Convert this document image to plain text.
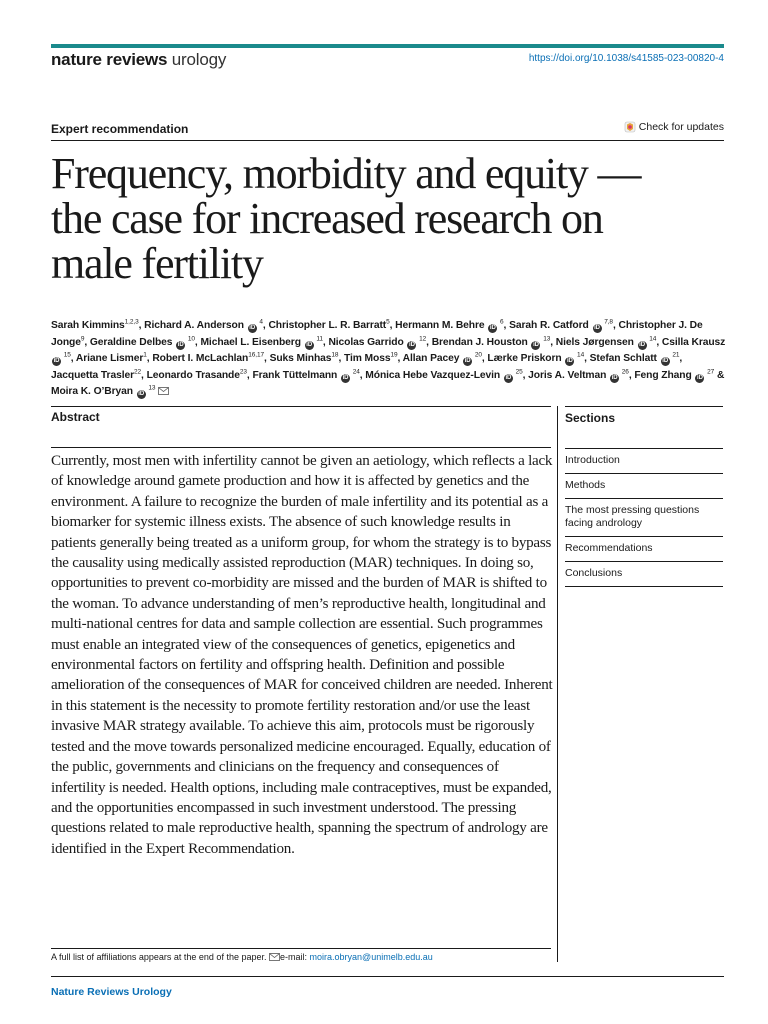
nature reviews urology	https://doi.org/10.1038/s41585-023-00820-4
Expert recommendation	Check for updates
Frequency, morbidity and equity — the case for increased research on male fertility
Sarah Kimmins$^{1,2,3}$, Richard A. Anderson iD $^4$, Christopher L. R. Barratt$^5$, Hermann M. Behre iD $^6$, Sarah R. Catford iD $^{7,8}$, Christopher J. De Jonge$^9$, Geraldine Delbes iD $^{10}$, Michael L. Eisenberg iD $^{11}$, Nicolas Garrido iD $^{12}$, Brendan J. Houston iD $^{13}$, Niels Jørgensen iD $^{14}$, Csilla Krausz iD $^{15}$, Ariane Lismer$^1$, Robert I. McLachlan$^{16,17}$, Suks Minhas$^{18}$, Tim Moss$^{19}$, Allan Pacey iD $^{20}$, Lærke Priskorn iD $^{14}$, Stefan Schlatt iD $^{21}$, Jacquetta Trasler$^{22}$, Leonardo Trasande$^{23}$, Frank Tüttelmann iD $^{24}$, Mónica Hebe Vazquez-Levin iD $^{25}$, Joris A. Veltman iD $^{26}$, Feng Zhang iD $^{27}$ & Moira K. O’Bryan iD $^{13}$
Abstract

Currently, most men with infertility cannot be given an aetiology, which reflects a lack of knowledge around gamete production and how it is affected by genetics and the environment. A failure to recognize the burden of male infertility and its potential as a biomarker for systemic illness exists. The absence of such knowledge results in patients generally being treated as a uniform group, for whom the strategy is to bypass the causality using medically assisted reproduction (MAR) techniques. In doing so, opportunities to prevent co-morbidity are missed and the burden of MAR is shifted to the woman. To advance understanding of men’s reproductive health, longitudinal and multi-national centres for data and sample collection are essential. Such programmes must enable an integrated view of the consequences of genetics, epigenetics and environmental factors on fertility and offspring health. Definition and possible amelioration of the consequences of MAR for conceived children are needed. Inherent in this statement is the necessity to promote fertility restoration and/or use the least invasive MAR strategy available. To achieve this aim, protocols must be rigorously tested and the move towards personalized medicine encouraged. Equally, education of the public, governments and clinicians on the frequency and consequences of infertility is needed. Health options, including male contraceptives, must be expanded, and the opportunities encompassed in such investment understood. The pressing questions related to male reproductive health, spanning the spectrum of andrology are identified in the Expert Recommendation.

Sections
Introduction
Methods
The most pressing questions facing andrology
Recommendations
Conclusions
A full list of affiliations appears at the end of the paper. e-mail: moira.obryan@unimelb.edu.au
Nature Reviews Urology
